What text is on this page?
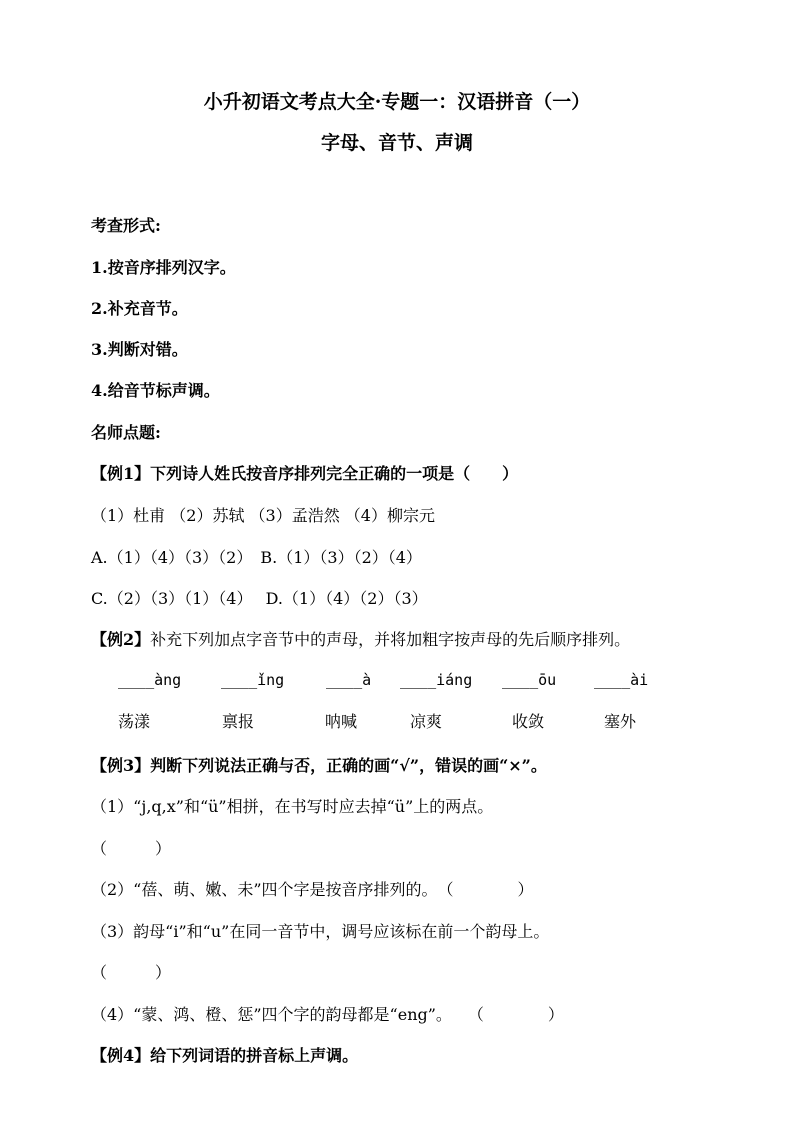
小升初语文考点大全·专题一：汉语拼音（一）
字母、音节、声调
考查形式:
1.按音序排列汉字。
2.补充音节。
3.判断对错。
4.给音节标声调。
名师点题:
【例1】下列诗人姓氏按音序排列完全正确的一项是（　　）
（1）杜甫 （2）苏轼 （3）孟浩然 （4）柳宗元
A.（1）（4）（3）（2）　B.（1）（3）（2）（4）
C.（2）（3）（1）（4）　 D.（1）（4）（2）（3）
【例2】补充下列加点字音节中的声母，并将加粗字按声母的先后顺序排列。
____àng	____ǐng	____à ____iáng ____ōu	____ài
荡漾	禀报	呐喊	凉爽	收敛	塞外
【例3】判断下列说法正确与否，正确的画“√”，错误的画“×”。
（1）“j,q,x”和“ü”相拼，在书写时应去掉“ü”上的两点。
（　　　）
（2）“蓓、萌、嫩、未”四个字是按音序排列的。　（　　　　）
（3）韵母“i”和“u”在同一音节中，调号应该标在前一个韵母上。
（　　　）
（4）“蒙、鸿、橙、惩”四个字的韵母都是“eng”。　　（　　　　）
【例4】给下列词语的拼音标上声调。
